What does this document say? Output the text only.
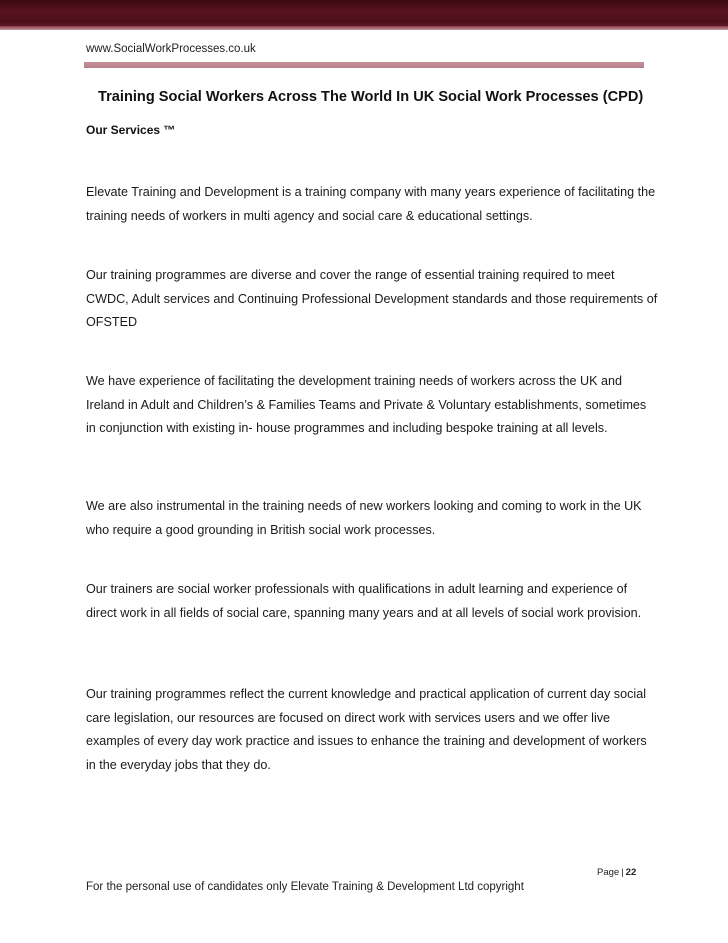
www.SocialWorkProcesses.co.uk
Training Social Workers Across The World In UK Social Work Processes (CPD)
Our Services ™
Elevate Training and Development is a training company with many years experience of facilitating the training needs of workers in multi agency and social care & educational settings.
Our training programmes are diverse and cover the range of essential training required to meet CWDC, Adult services and Continuing Professional Development standards and those requirements of OFSTED
We have experience of facilitating the development training needs of workers across the UK and Ireland in Adult and Children’s & Families Teams and Private & Voluntary establishments, sometimes in conjunction with existing in- house programmes and including bespoke training at all levels.
We are also instrumental in the training needs of new workers looking and coming to work in the UK who require a good grounding in British social work processes.
Our trainers are social worker professionals with qualifications in adult learning and experience of direct work in all fields of social care, spanning many years and at all levels of social work provision.
Our training programmes reflect the current knowledge and practical application of current day social care legislation, our resources are focused on direct work with services users and we offer live examples of every day work practice and issues to enhance the training and development of workers in the everyday jobs that they do.
Page | 22
For the personal use of candidates only Elevate Training & Development Ltd copyright
